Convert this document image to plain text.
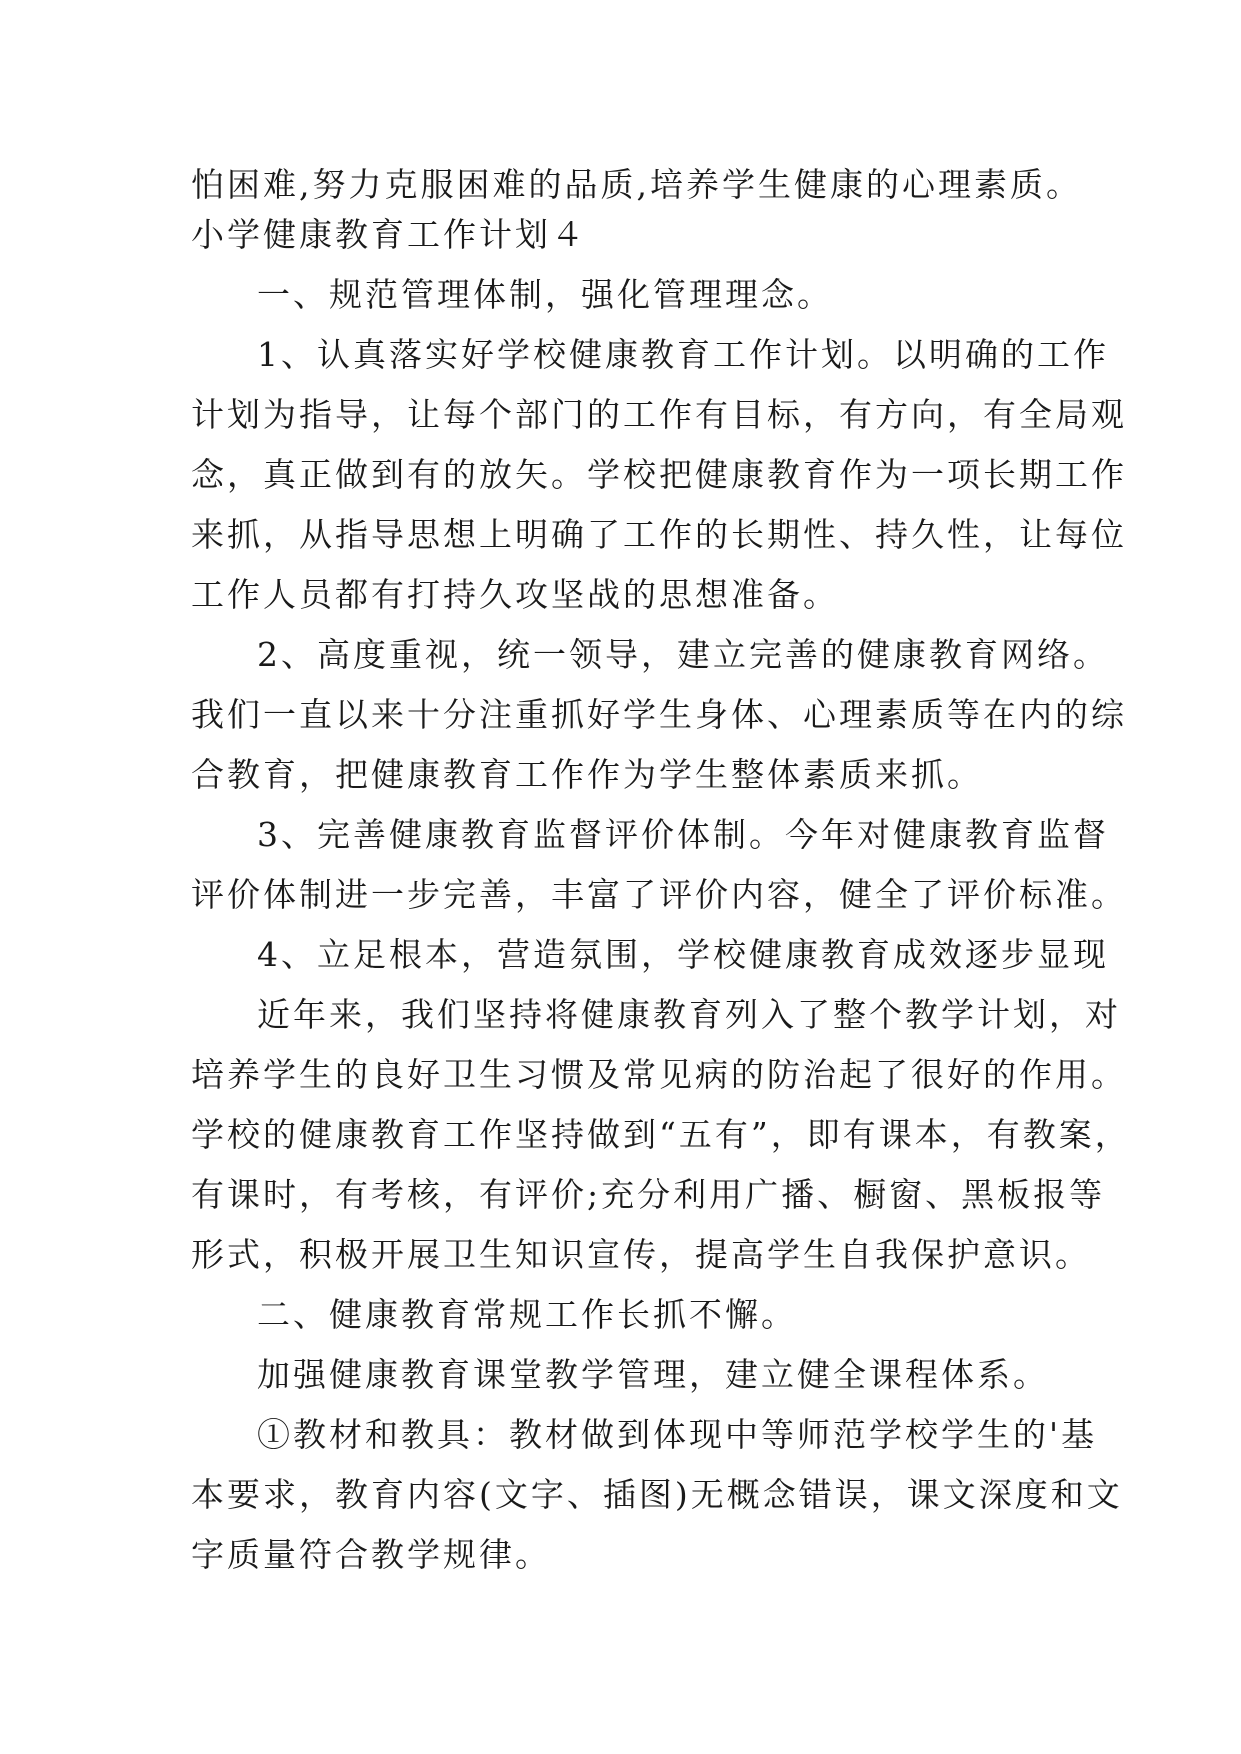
怕困难,努力克服困难的品质,培养学生健康的心理素质。

小学健康教育工作计划４

一、规范管理体制，强化管理理念。

1、认真落实好学校健康教育工作计划。以明确的工作

计划为指导，让每个部门的工作有目标，有方向，有全局观

念，真正做到有的放矢。学校把健康教育作为一项长期工作

来抓，从指导思想上明确了工作的长期性、持久性，让每位

工作人员都有打持久攻坚战的思想准备。

2、高度重视，统一领导，建立完善的健康教育网络。

我们一直以来十分注重抓好学生身体、心理素质等在内的综

合教育，把健康教育工作作为学生整体素质来抓。

3、完善健康教育监督评价体制。今年对健康教育监督

评价体制进一步完善，丰富了评价内容，健全了评价标准。

4、立足根本，营造氛围，学校健康教育成效逐步显现

近年来，我们坚持将健康教育列入了整个教学计划，对

培养学生的良好卫生习惯及常见病的防治起了很好的作用。

学校的健康教育工作坚持做到“五有”，即有课本，有教案，

有课时，有考核，有评价;充分利用广播、橱窗、黑板报等

形式，积极开展卫生知识宣传，提高学生自我保护意识。

二、健康教育常规工作长抓不懈。

加强健康教育课堂教学管理，建立健全课程体系。

①教材和教具：教材做到体现中等师范学校学生的'基

本要求，教育内容(文字、插图)无概念错误，课文深度和文

字质量符合教学规律。
